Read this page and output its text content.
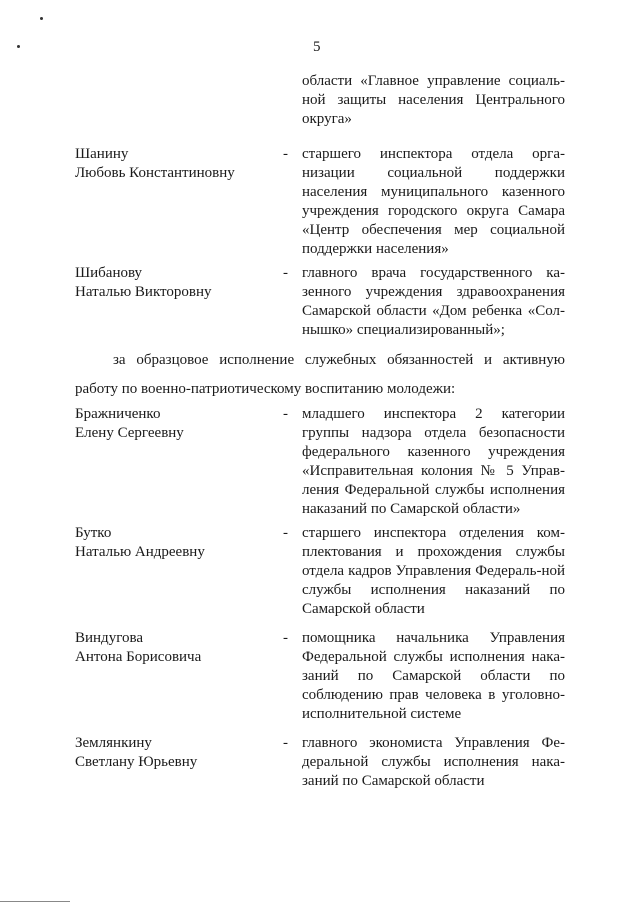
5
области «Главное управление социаль-ной защиты населения Центрального округа»
Шанину
Любовь Константиновну
- старшего инспектора отдела орга-низации социальной поддержки населения муниципального казенного учреждения городского округа Самара «Центр обеспечения мер социальной поддержки населения»
Шибанову
Наталью Викторовну
- главного врача государственного ка-зенного учреждения здравоохранения Самарской области «Дом ребенка «Сол-нышко» специализированный»;
за образцовое исполнение служебных обязанностей и активную
работу по военно-патриотическому воспитанию молодежи:
Бражниченко
Елену Сергеевну
- младшего инспектора 2 категории группы надзора отдела безопасности федерального казенного учреждения «Исправительная колония № 5 Управ-ления Федеральной службы исполнения наказаний по Самарской области»
Бутко
Наталью Андреевну
- старшего инспектора отделения ком-плектования и прохождения службы отдела кадров Управления Федераль-ной службы исполнения наказаний по Самарской области
Виндугова
Антона Борисовича
- помощника начальника Управления Федеральной службы исполнения нака-заний по Самарской области по соблюдению прав человека в уголовно-исполнительной системе
Землянкину
Светлану Юрьевну
- главного экономиста Управления Фе-деральной службы исполнения нака-заний по Самарской области
